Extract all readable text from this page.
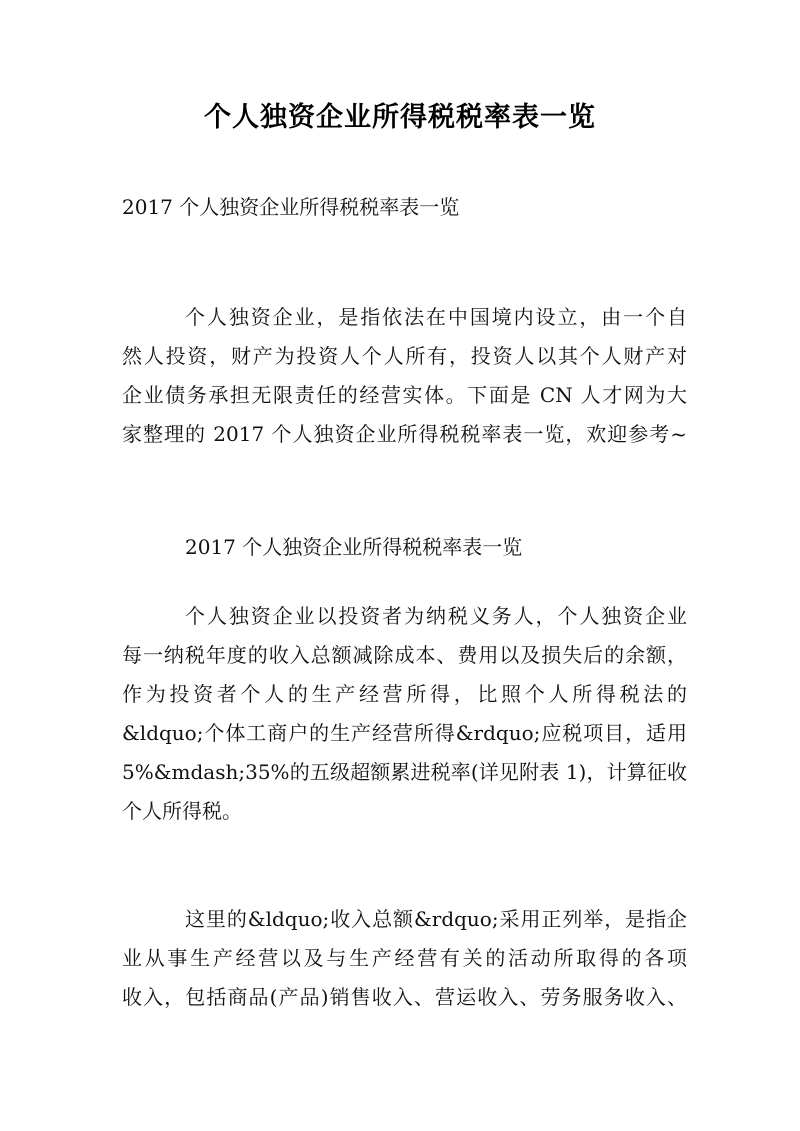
个人独资企业所得税税率表一览
2017 个人独资企业所得税税率表一览
个人独资企业，是指依法在中国境内设立，由一个自
然人投资，财产为投资人个人所有，投资人以其个人财产对
企业债务承担无限责任的经营实体。下面是 CN 人才网为大
家整理的 2017 个人独资企业所得税税率表一览，欢迎参考~
2017 个人独资企业所得税税率表一览
个人独资企业以投资者为纳税义务人，个人独资企业
每一纳税年度的收入总额减除成本、费用以及损失后的余额，
作为投资者个人的生产经营所得，比照个人所得税法的
&ldquo;个体工商户的生产经营所得&rdquo;应税项目，适用
5%&mdash;35%的五级超额累进税率(详见附表 1)，计算征收
个人所得税。
这里的&ldquo;收入总额&rdquo;采用正列举，是指企
业从事生产经营以及与生产经营有关的活动所取得的各项
收入，包括商品(产品)销售收入、营运收入、劳务服务收入、
